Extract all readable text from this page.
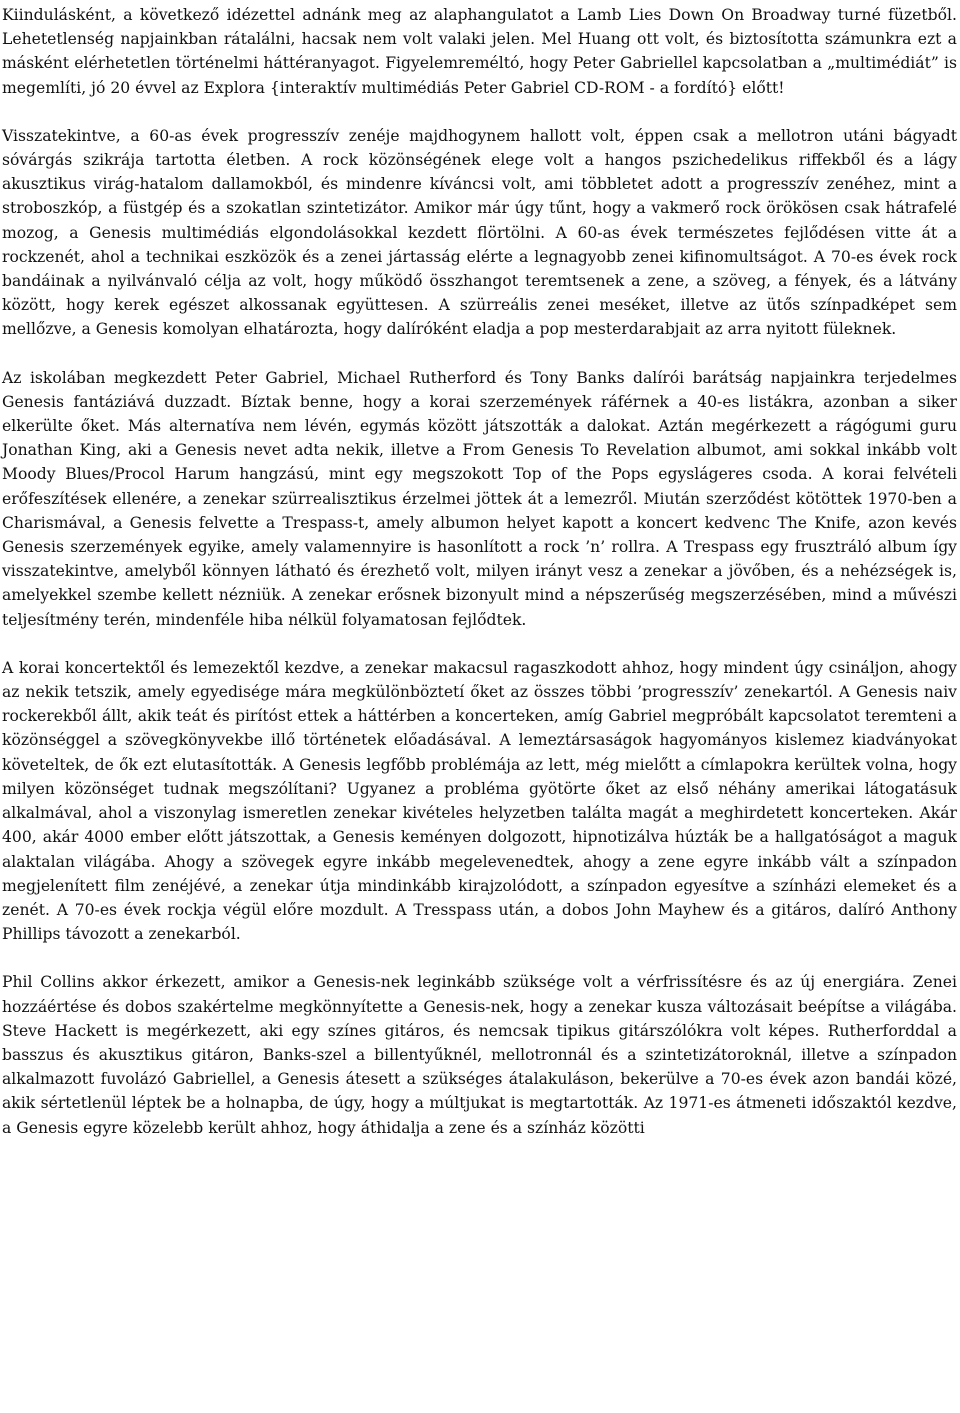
Kiindulásként, a következő idézettel adnánk meg az alaphangulatot a Lamb Lies Down On Broadway turné füzetből. Lehetetlenség napjainkban rátalálni, hacsak nem volt valaki jelen. Mel Huang ott volt, és biztosította számunkra ezt a másként elérhetetlen történelmi háttéranyagot. Figyelemreméltó, hogy Peter Gabriellel kapcsolatban a „multimédiát” is megemlíti, jó 20 évvel az Explora {interaktív multimédiás Peter Gabriel CD-ROM - a fordító} előtt!

Visszatekintve, a 60-as évek progresszív zenéje majdhogynem hallott volt, éppen csak a mellotron utáni bágyadt sóvárgás szikrája tartotta életben. A rock közönségének elege volt a hangos pszichedelikus riffekből és a lágy akusztikus virág-hatalom dallamokból, és mindenre kíváncsi volt, ami többletet adott a progresszív zenéhez, mint a stroboszkóp, a füstgép és a szokatlan szintetizátor. Amikor már úgy tűnt, hogy a vakmerő rock örökösen csak hátrafelé mozog, a Genesis multimédiás elgondolásokkal kezdett flörtölni. A 60-as évek természetes fejlődésen vitte át a rockzenét, ahol a technikai eszközök és a zenei jártasság elérte a legnagyobb zenei kifinomultságot. A 70-es évek rock bandáinak a nyilvánvaló célja az volt, hogy működő összhangot teremtsenek a zene, a szöveg, a fények, és a látvány között, hogy kerek egészet alkossanak együttesen. A szürreális zenei meséket, illetve az ütős színpadképet sem mellőzve, a Genesis komolyan elhatározta, hogy dalíróként eladja a pop mesterdarabjait az arra nyitott füleknek.

Az iskolában megkezdett Peter Gabriel, Michael Rutherford és Tony Banks dalírói barátság napjainkra terjedelmes Genesis fantáziává duzzadt. Bíztak benne, hogy a korai szerzemények ráférnek a 40-es listákra, azonban a siker elkerülte őket. Más alternatíva nem lévén, egymás között játszották a dalokat. Aztán megérkezett a rágógumi guru Jonathan King, aki a Genesis nevet adta nekik, illetve a From Genesis To Revelation albumot, ami sokkal inkább volt Moody Blues/Procol Harum hangzású, mint egy megszokott Top of the Pops egyslágeres csoda. A korai felvételi erőfeszítések ellenére, a zenekar szürrealisztikus érzelmei jöttek át a lemezről. Miután szerződést kötöttek 1970-ben a Charismával, a Genesis felvette a Trespass-t, amely albumon helyet kapott a koncert kedvenc The Knife, azon kevés Genesis szerzemények egyike, amely valamennyire is hasonlított a rock ’n’ rollra. A Trespass egy frusztráló album így visszatekintve, amelyből könnyen látható és érezhető volt, milyen irányt vesz a zenekar a jövőben, és a nehézségek is, amelyekkel szembe kellett nézniük. A zenekar erősnek bizonyult mind a népszerűség megszerzésében, mind a művészi teljesítmény terén, mindenféle hiba nélkül folyamatosan fejlődtek.

A korai koncertektől és lemezektől kezdve, a zenekar makacsul ragaszkodott ahhoz, hogy mindent úgy csináljon, ahogy az nekik tetszik, amely egyedisége mára megkülönböztetí őket az összes többi ’progresszív’ zenekartól. A Genesis naiv rockerekből állt, akik teát és pirítóst ettek a háttérben a koncerteken, amíg Gabriel megpróbált kapcsolatot teremteni a közönséggel a szövegkönyvekbe illő történetek előadásával. A lemeztársaságok hagyományos kislemez kiadványokat követeltek, de ők ezt elutasították. A Genesis legfőbb problémája az lett, még mielőtt a címlapokra kerültek volna, hogy milyen közönséget tudnak megszólítani? Ugyanez a probléma gyötörte őket az első néhány amerikai látogatásuk alkalmával, ahol a viszonylag ismeretlen zenekar kivételes helyzetben találta magát a meghirdetett koncerteken. Akár 400, akár 4000 ember előtt játszottak, a Genesis keményen dolgozott, hipnotizálva húzták be a hallgatóságot a maguk alaktalan világába. Ahogy a szövegek egyre inkább megelevenedtek, ahogy a zene egyre inkább vált a színpadon megjelenített film zenéjévé, a zenekar útja mindinkább kirajzolódott, a színpadon egyesítve a színházi elemeket és a zenét. A 70-es évek rockja végül előre mozdult. A Tresspass után, a dobos John Mayhew és a gitáros, dalíró Anthony Phillips távozott a zenekarból.

Phil Collins akkor érkezett, amikor a Genesis-nek leginkább szüksége volt a vérfrissítésre és az új energiára. Zenei hozzáértése és dobos szakértelme megkönnyítette a Genesis-nek, hogy a zenekar kusza változásait beépítse a világába. Steve Hackett is megérkezett, aki egy színes gitáros, és nemcsak tipikus gitárszólókra volt képes. Rutherforddal a basszus és akusztikus gitáron, Banks-szel a billentyűknél, mellotronnál és a szintetizátoroknál, illetve a színpadon alkalmazott fuvolázó Gabriellel, a Genesis átesett a szükséges átalakuláson, bekerülve a 70-es évek azon bandái közé, akik sértetlenül léptek be a holnapba, de úgy, hogy a múltjukat is megtartották. Az 1971-es átmeneti időszaktól kezdve, a Genesis egyre közelebb került ahhoz, hogy áthidalja a zene és a színház közötti
